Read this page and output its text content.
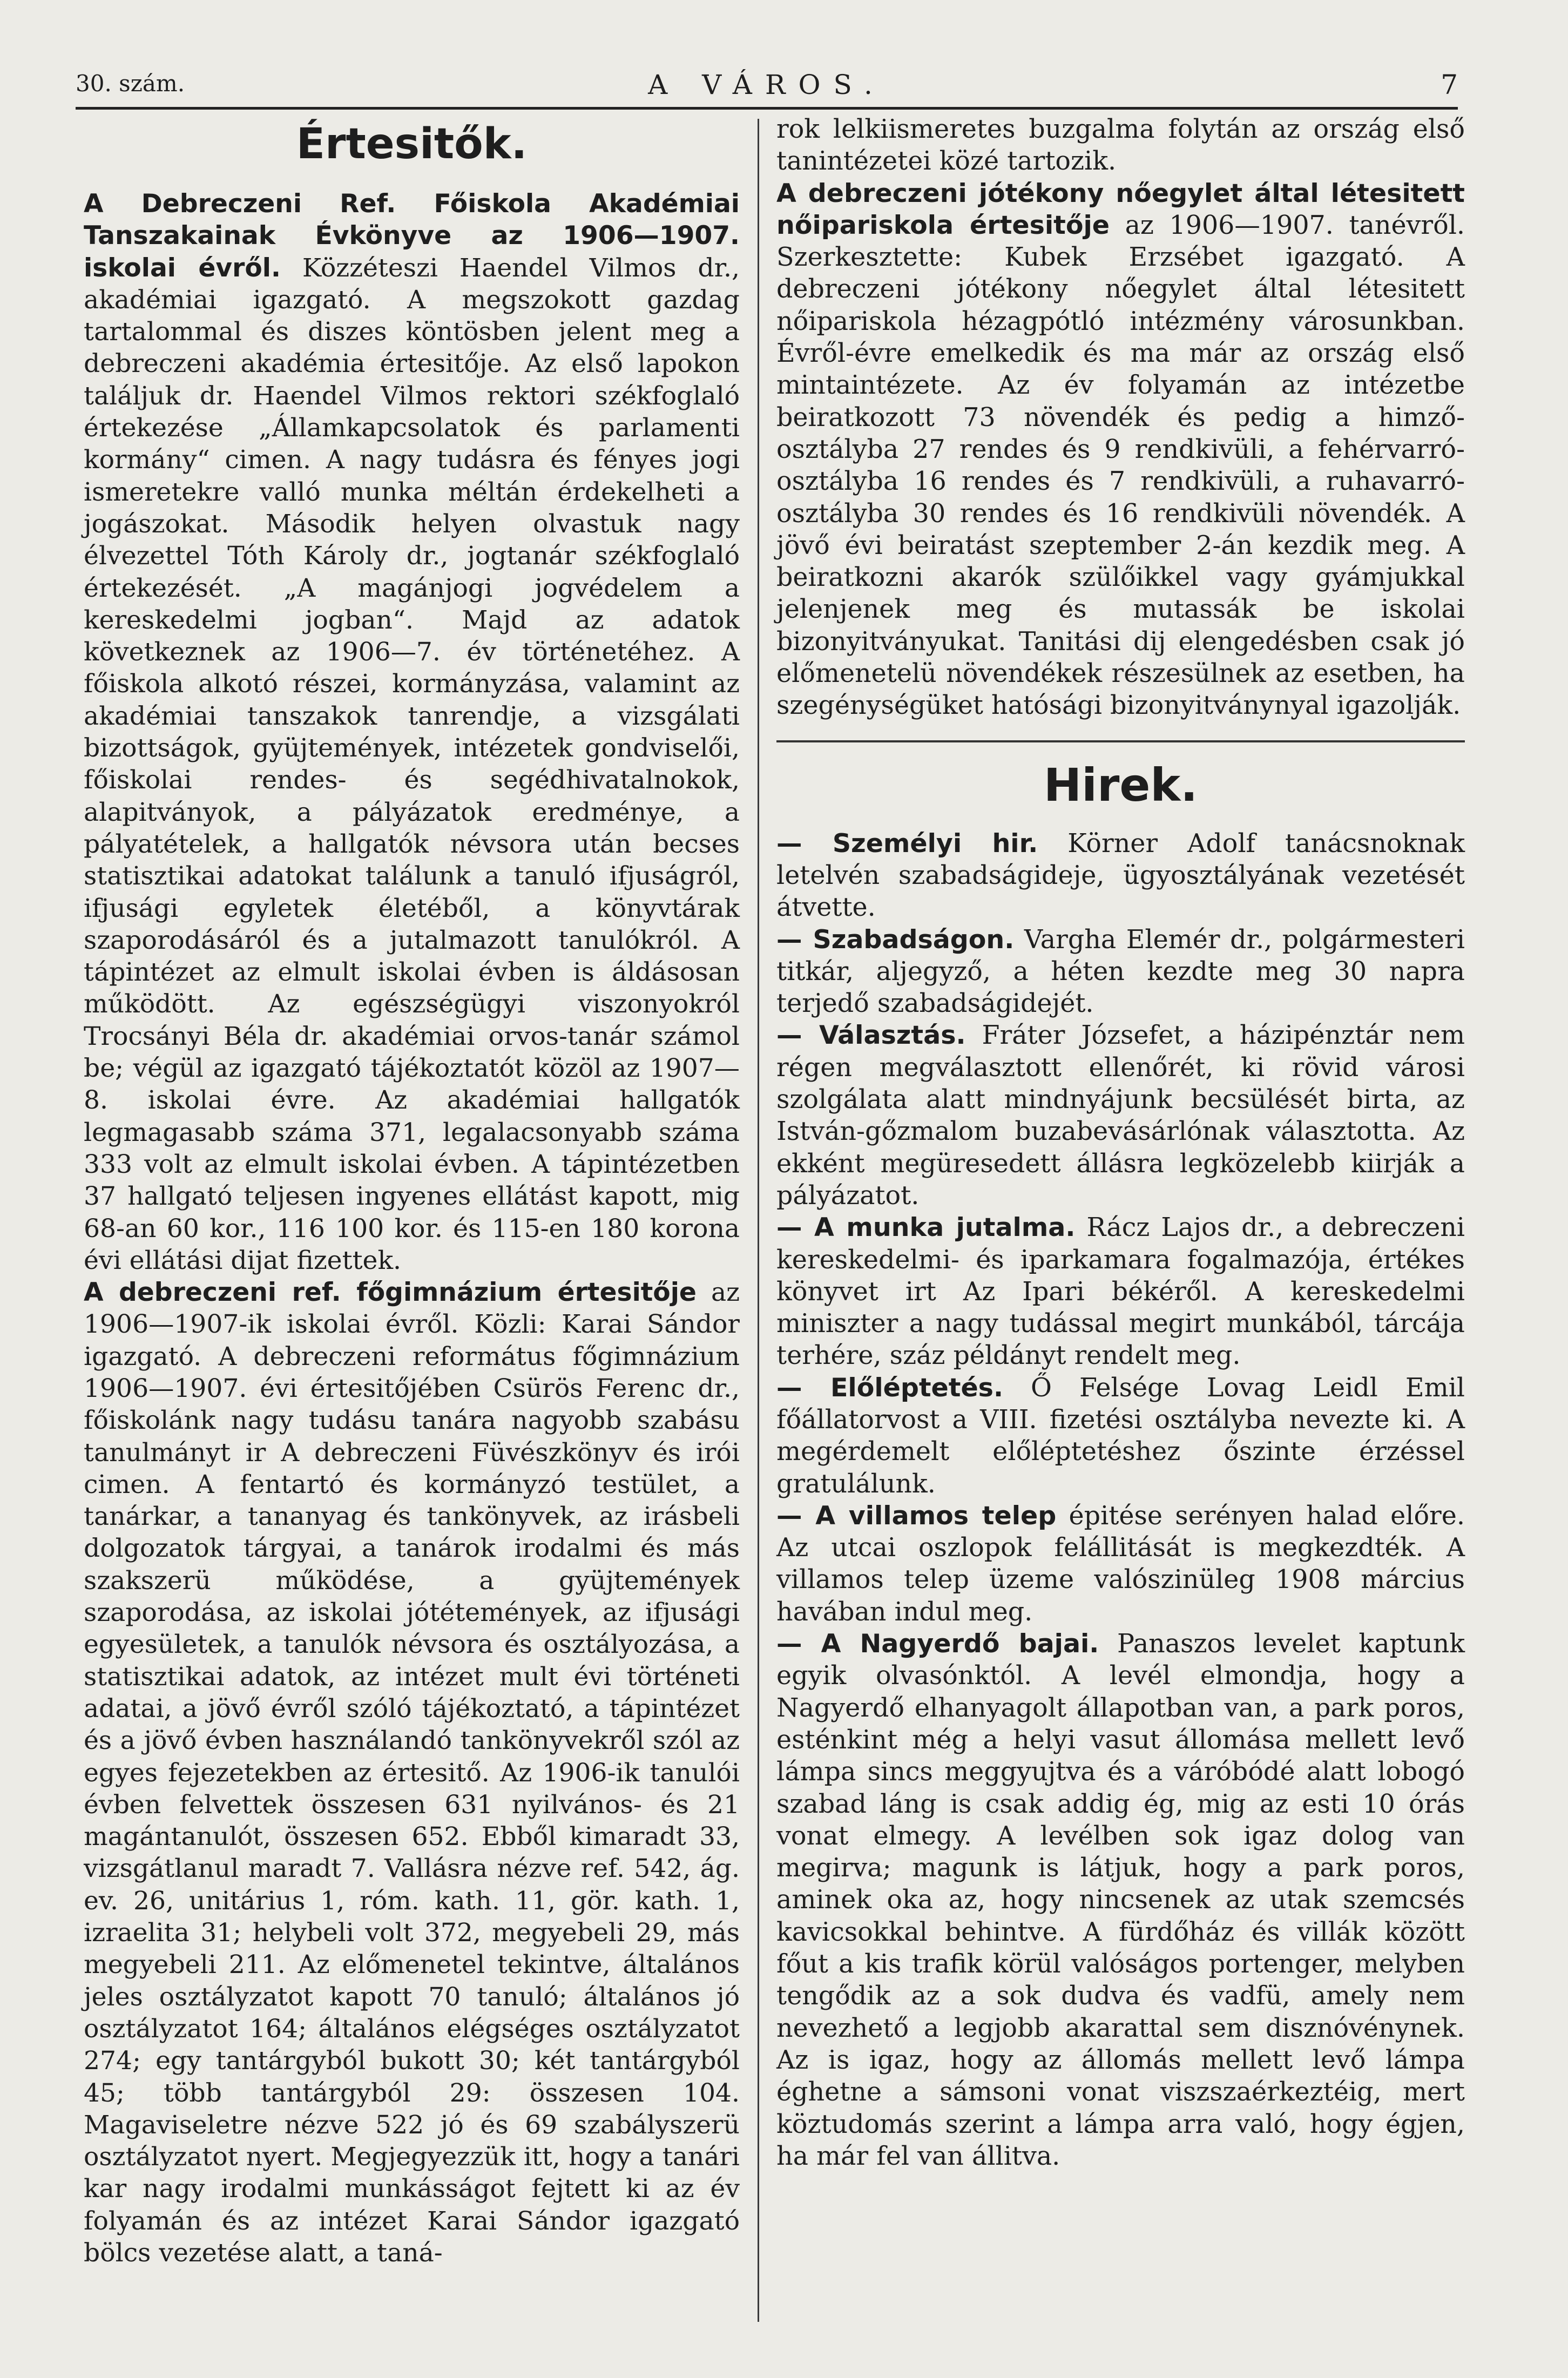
30. szám.	A VÁROS.	7
Értesitők.

A Debreczeni Ref. Főiskola Akadémiai Tanszakainak Évkönyve az 1906—1907. iskolai évről. Közzéteszi Haendel Vilmos dr., akadémiai igazgató. A megszokott gazdag tartalommal és diszes köntösben jelent meg a debreczeni akadémia értesitője. Az első lapokon találjuk dr. Haendel Vilmos rektori székfoglaló értekezése „Államkapcsolatok és parlamenti kormány“ cimen. A nagy tudásra és fényes jogi ismeretekre valló munka méltán érdekelheti a jogászokat. Második helyen olvastuk nagy élvezettel Tóth Károly dr., jogtanár székfoglaló értekezését. „A magánjogi jogvédelem a kereskedelmi jogban“. Majd az adatok következnek az 1906—7. év történetéhez. A főiskola alkotó részei, kormányzása, valamint az akadémiai tanszakok tanrendje, a vizsgálati bizottságok, gyüjtemények, intézetek gondviselői, főiskolai rendes- és segédhivatalnokok, alapitványok, a pályázatok eredménye, a pályatételek, a hallgatók névsora után becses statisztikai adatokat találunk a tanuló ifjuságról, ifjusági egyletek életéből, a könyvtárak szaporodásáról és a jutalmazott tanulókról. A tápintézet az elmult iskolai évben is áldásosan működött. Az egészségügyi viszonyokról Trocsányi Béla dr. akadémiai orvos-tanár számol be; végül az igazgató tájékoztatót közöl az 1907—8. iskolai évre. Az akadémiai hallgatók legmagasabb száma 371, legalacsonyabb száma 333 volt az elmult iskolai évben. A tápintézetben 37 hallgató teljesen ingyenes ellátást kapott, mig 68-an 60 kor., 116 100 kor. és 115-en 180 korona évi ellátási dijat fizettek.

A debreczeni ref. főgimnázium értesitője az 1906—1907-ik iskolai évről. Közli: Karai Sándor igazgató. A debreczeni református főgimnázium 1906—1907. évi értesitőjében Csürös Ferenc dr., főiskolánk nagy tudásu tanára nagyobb szabásu tanulmányt ir A debreczeni Füvészkönyv és irói cimen. A fentartó és kormányzó testület, a tanárkar, a tananyag és tankönyvek, az irásbeli dolgozatok tárgyai, a tanárok irodalmi és más szakszerü működése, a gyüjtemények szaporodása, az iskolai jótétemények, az ifjusági egyesületek, a tanulók névsora és osztályozása, a statisztikai adatok, az intézet mult évi történeti adatai, a jövő évről szóló tájékoztató, a tápintézet és a jövő évben használandó tankönyvekről szól az egyes fejezetekben az értesitő. Az 1906-ik tanulói évben felvettek összesen 631 nyilvános- és 21 magántanulót, összesen 652. Ebből kimaradt 33, vizsgátlanul maradt 7. Vallásra nézve ref. 542, ág. ev. 26, unitárius 1, róm. kath. 11, gör. kath. 1, izraelita 31; helybeli volt 372, megyebeli 29, más megyebeli 211. Az előmenetel tekintve, általános jeles osztályzatot kapott 70 tanuló; általános jó osztályzatot 164; általános elégséges osztályzatot 274; egy tantárgyból bukott 30; két tantárgyból 45; több tantárgyból 29: összesen 104. Magaviseletre nézve 522 jó és 69 szabályszerü osztályzatot nyert. Megjegyezzük itt, hogy a tanári kar nagy irodalmi munkásságot fejtett ki az év folyamán és az intézet Karai Sándor igazgató bölcs vezetése alatt, a taná-

rok lelkiismeretes buzgalma folytán az ország első tanintézetei közé tartozik.

A debreczeni jótékony nőegylet által létesitett nőipariskola értesitője az 1906—1907. tanévről. Szerkesztette: Kubek Erzsébet igazgató. A debreczeni jótékony nőegylet által létesitett nőipariskola hézagpótló intézmény városunkban. Évről-évre emelkedik és ma már az ország első mintaintézete. Az év folyamán az intézetbe beiratkozott 73 növendék és pedig a himző-osztályba 27 rendes és 9 rendkivüli, a fehérvarró-osztályba 16 rendes és 7 rendkivüli, a ruhavarró-osztályba 30 rendes és 16 rendkivüli növendék. A jövő évi beiratást szeptember 2-án kezdik meg. A beiratkozni akarók szülőikkel vagy gyámjukkal jelenjenek meg és mutassák be iskolai bizonyitványukat. Tanitási dij elengedésben csak jó előmenetelü növendékek részesülnek az esetben, ha szegénységüket hatósági bizonyitványnyal igazolják.

Hirek.

— Személyi hir. Körner Adolf tanácsnoknak letelvén szabadságideje, ügyosztályának vezetését átvette.

— Szabadságon. Vargha Elemér dr., polgármesteri titkár, aljegyző, a héten kezdte meg 30 napra terjedő szabadságidejét.

— Választás. Fráter Józsefet, a házipénztár nem régen megválasztott ellenőrét, ki rövid városi szolgálata alatt mindnyájunk becsülését birta, az István-gőzmalom buzabevásárlónak választotta. Az ekként megüresedett állásra legközelebb kiirják a pályázatot.

— A munka jutalma. Rácz Lajos dr., a debreczeni kereskedelmi- és iparkamara fogalmazója, értékes könyvet irt Az Ipari békéről. A kereskedelmi miniszter a nagy tudással megirt munkából, tárcája terhére, száz példányt rendelt meg.

— Előléptetés. Ő Felsége Lovag Leidl Emil főállatorvost a VIII. fizetési osztályba nevezte ki. A megérdemelt előléptetéshez őszinte érzéssel gratulálunk.

— A villamos telep épitése serényen halad előre. Az utcai oszlopok felállitását is megkezdték. A villamos telep üzeme valószinüleg 1908 március havában indul meg.

— A Nagyerdő bajai. Panaszos levelet kaptunk egyik olvasónktól. A levél elmondja, hogy a Nagyerdő elhanyagolt állapotban van, a park poros, esténkint még a helyi vasut állomása mellett levő lámpa sincs meggyujtva és a váróbódé alatt lobogó szabad láng is csak addig ég, mig az esti 10 órás vonat elmegy. A levélben sok igaz dolog van megirva; magunk is látjuk, hogy a park poros, aminek oka az, hogy nincsenek az utak szemcsés kavicsokkal behintve. A fürdőház és villák között főut a kis trafik körül valóságos portenger, melyben tengődik az a sok dudva és vadfü, amely nem nevezhető a legjobb akarattal sem disznóvénynek. Az is igaz, hogy az állomás mellett levő lámpa éghetne a sámsoni vonat viszszaérkeztéig, mert köztudomás szerint a lámpa arra való, hogy égjen, ha már fel van állitva.
